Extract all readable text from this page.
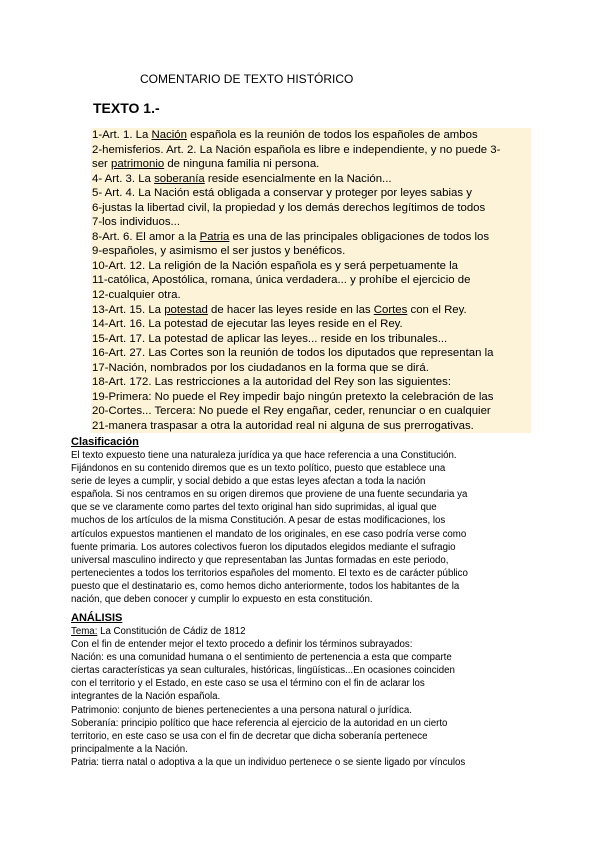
COMENTARIO DE TEXTO HISTÓRICO
TEXTO 1.-
1-Art. 1. La Nación española es la reunión de todos los españoles de ambos
2-hemisferios. Art. 2. La Nación española es libre e independiente, y no puede 3-
ser patrimonio de ninguna familia ni persona.
4- Art. 3. La soberanía reside esencialmente en la Nación...
5- Art. 4. La Nación está obligada a conservar y proteger por leyes sabias y
6-justas la libertad civil, la propiedad y los demás derechos legítimos de todos
7-los individuos...
8-Art. 6. El amor a la Patria es una de las principales obligaciones de todos los
9-españoles, y asimismo el ser justos y benéficos.
10-Art. 12. La religión de la Nación española es y será perpetuamente la
11-católica, Apostólica, romana, única verdadera... y prohíbe el ejercicio de
12-cualquier otra.
13-Art. 15. La potestad de hacer las leyes reside en las Cortes con el Rey.
14-Art. 16. La potestad de ejecutar las leyes reside en el Rey.
15-Art. 17. La potestad de aplicar las leyes... reside en los tribunales...
16-Art. 27. Las Cortes son la reunión de todos los diputados que representan la
17-Nación, nombrados por los ciudadanos en la forma que se dirá.
18-Art. 172. Las restricciones a la autoridad del Rey son las siguientes:
19-Primera: No puede el Rey impedir bajo ningún pretexto la celebración de las
20-Cortes... Tercera: No puede el Rey engañar, ceder, renunciar o en cualquier
21-manera traspasar a otra la autoridad real ni alguna de sus prerrogativas.
Clasificación
El texto expuesto tiene una naturaleza jurídica ya que hace referencia a una Constitución.
Fijándonos en su contenido diremos que es un texto político, puesto que establece una
serie de leyes a cumplir, y social debido a que estas leyes afectan a toda la nación
española. Si nos centramos en su origen diremos que proviene de una fuente secundaria ya
que se ve claramente como partes del texto original han sido suprimidas, al igual que
muchos de los artículos de la misma Constitución. A pesar de estas modificaciones, los
artículos expuestos mantienen el mandato de los originales, en ese caso podría verse como
fuente primaria. Los autores colectivos fueron los diputados elegidos mediante el sufragio
universal masculino indirecto y que representaban las Juntas formadas en este periodo,
pertenecientes a todos los territorios españoles del momento. El texto es de carácter público
puesto que el destinatario es, como hemos dicho anteriormente, todos los habitantes de la
nación, que deben conocer y cumplir lo expuesto en esta constitución.
ANÁLISIS
Tema: La Constitución de Cádiz de 1812
Con el fin de entender mejor el texto procedo a definir los términos subrayados:
Nación: es una comunidad humana o el sentimiento de pertenencia a esta que comparte
ciertas características ya sean culturales, históricas, lingüísticas...En ocasiones coinciden
con el territorio y el Estado, en este caso se usa el término con el fin de aclarar los
integrantes de la Nación española.
Patrimonio: conjunto de bienes pertenecientes a una persona natural o jurídica.
Soberanía: principio político que hace referencia al ejercicio de la autoridad en un cierto
territorio, en este caso se usa con el fin de decretar que dicha soberanía pertenece
principalmente a la Nación.
Patria: tierra natal o adoptiva a la que un individuo pertenece o se siente ligado por vínculos
